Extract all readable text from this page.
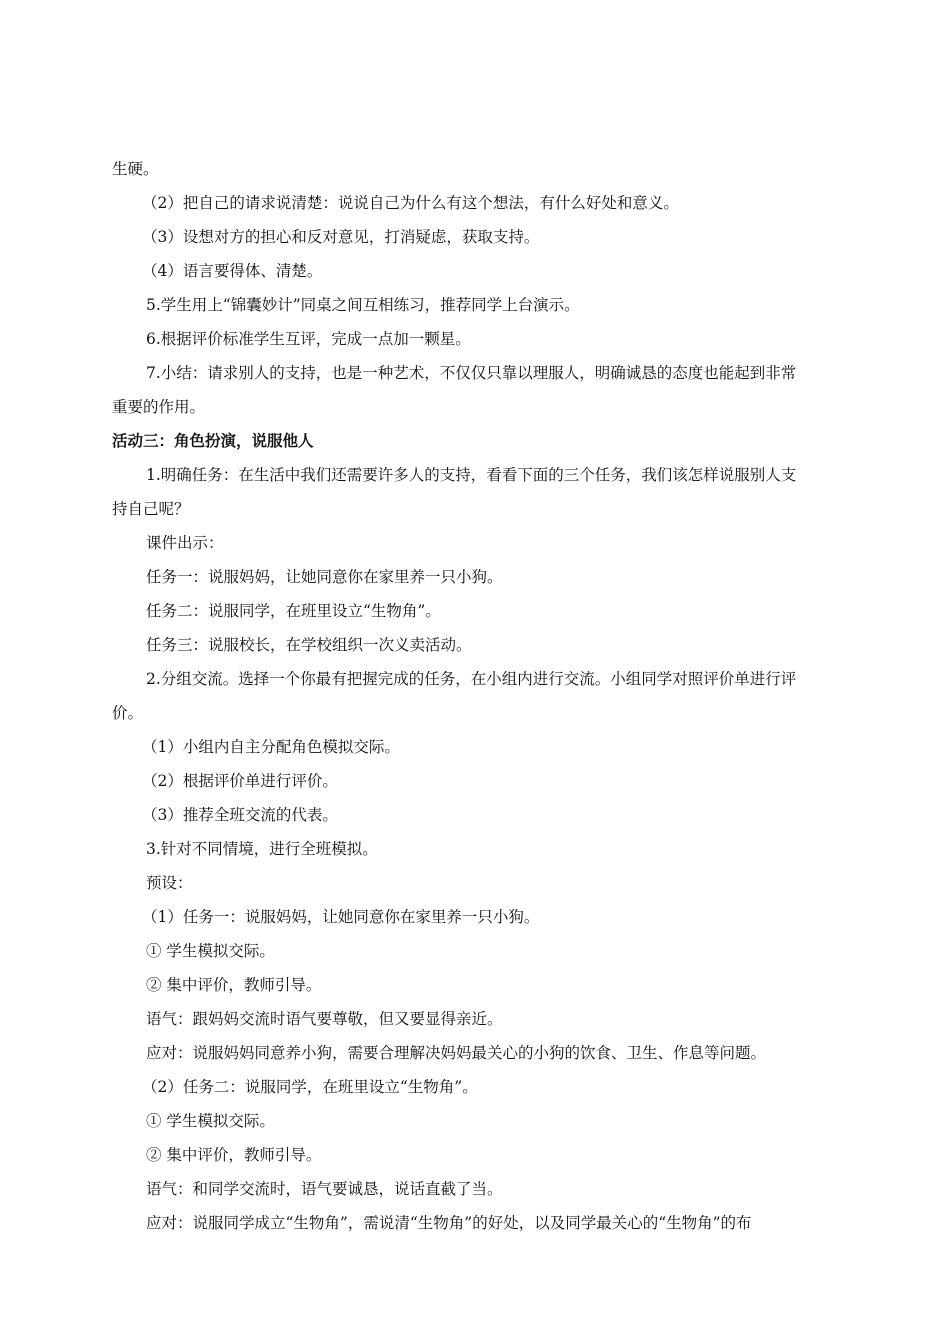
生硬。
（2）把自己的请求说清楚：说说自己为什么有这个想法，有什么好处和意义。
（3）设想对方的担心和反对意见，打消疑虑，获取支持。
（4）语言要得体、清楚。
5.学生用上“锦囊妙计”同桌之间互相练习，推荐同学上台演示。
6.根据评价标准学生互评，完成一点加一颗星。
7.小结：请求别人的支持，也是一种艺术，不仅仅只靠以理服人，明确诚恳的态度也能起到非常
重要的作用。
活动三：角色扮演，说服他人
1.明确任务：在生活中我们还需要许多人的支持，看看下面的三个任务，我们该怎样说服别人支
持自己呢？
课件出示：
任务一：说服妈妈，让她同意你在家里养一只小狗。
任务二：说服同学，在班里设立“生物角”。
任务三：说服校长，在学校组织一次义卖活动。
2.分组交流。选择一个你最有把握完成的任务，在小组内进行交流。小组同学对照评价单进行评
价。
（1）小组内自主分配角色模拟交际。
（2）根据评价单进行评价。
（3）推荐全班交流的代表。
3.针对不同情境，进行全班模拟。
预设：
（1）任务一：说服妈妈，让她同意你在家里养一只小狗。
① 学生模拟交际。
② 集中评价，教师引导。
语气：跟妈妈交流时语气要尊敬，但又要显得亲近。
应对：说服妈妈同意养小狗，需要合理解决妈妈最关心的小狗的饮食、卫生、作息等问题。
（2）任务二：说服同学，在班里设立“生物角”。
① 学生模拟交际。
② 集中评价，教师引导。
语气：和同学交流时，语气要诚恳，说话直截了当。
应对：说服同学成立“生物角”，需说清“生物角”的好处，以及同学最关心的“生物角”的布
